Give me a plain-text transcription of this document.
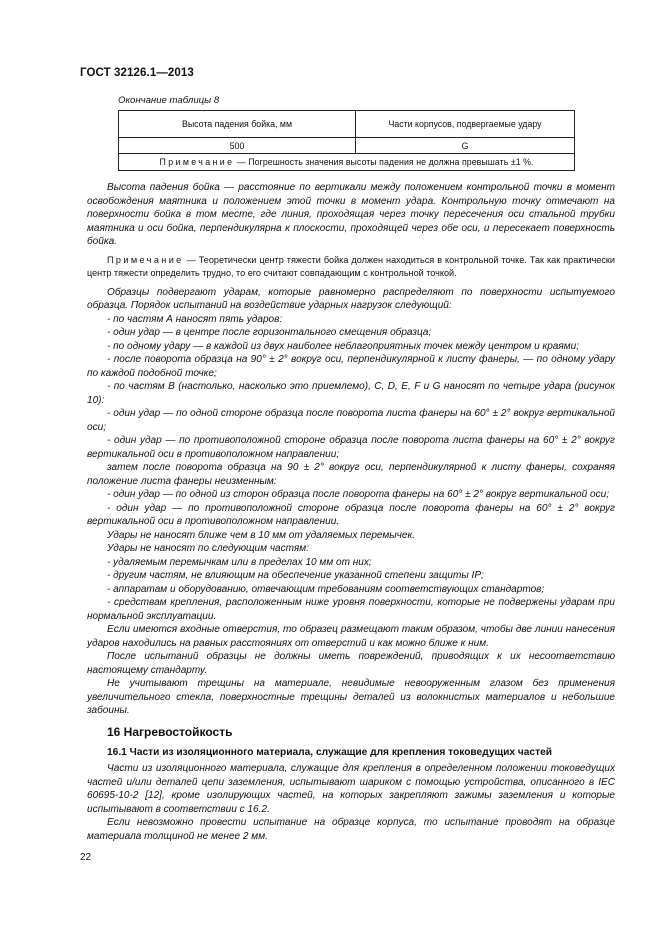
ГОСТ 32126.1—2013
Окончание таблицы 8
Высота падения бойка, мм	Части корпусов, подвергаемые удару
500	G
Примечание — Погрешность значения высоты падения не должна превышать ±1 %.	

Высота падения бойка — расстояние по вертикали между положением контрольной точки в момент освобождения маятника и положением этой точки в момент удара. Контрольную точку отмечают на поверхности бойка в том месте, где линия, проходящая через точку пересечения оси стальной трубки маятника и оси бойка, перпендикулярна к плоскости, проходящей через обе оси, и пересекает поверхность бойка.

Примечание — Теоретически центр тяжести бойка должен находиться в контрольной точке. Так как практически центр тяжести определить трудно, то его считают совпадающим с контрольной точкой.

Образцы подвергают ударам, которые равномерно распределяют по поверхности испытуемого образца. Порядок испытаний на воздействие ударных нагрузок следующий:

- по частям А наносят пять ударов:

- один удар — в центре после горизонтального смещения образца;

- по одному удару — в каждой из двух наиболее неблагоприятных точек между центром и краями;

- после поворота образца на 90° ± 2° вокруг оси, перпендикулярной к листу фанеры, — по одному удару по каждой подобной точке;

- по частям В (настолько, насколько это приемлемо), С, D, Е, F и G наносят по четыре удара (рисунок 10):

- один удар — по одной стороне образца после поворота листа фанеры на 60° ± 2° вокруг вертикальной оси;

- один удар — по противоположной стороне образца после поворота листа фанеры на 60° ± 2° вокруг вертикальной оси в противоположном направлении;

затем после поворота образца на 90 ± 2° вокруг оси, перпендикулярной к листу фанеры, сохраняя положение листа фанеры неизменным:

- один удар — по одной из сторон образца после поворота фанеры на 60° ± 2° вокруг вертикальной оси;

- один удар — по противоположной стороне образца после поворота фанеры на 60° ± 2° вокруг вертикальной оси в противоположном направлении.

Удары не наносят ближе чем в 10 мм от удаляемых перемычек.

Удары не наносят по следующим частям:

- удаляемым перемычкам или в пределах 10 мм от них;

- другим частям, не влияющим на обеспечение указанной степени защиты IP;

- аппаратам и оборудованию, отвечающим требованиям соответствующих стандартов;

- средствам крепления, расположенным ниже уровня поверхности, которые не подвержены ударам при нормальной эксплуатации.

Если имеются входные отверстия, то образец размещают таким образом, чтобы две линии нанесения ударов находились на равных расстояниях от отверстий и как можно ближе к ним.

После испытаний образцы не должны иметь повреждений, приводящих к их несоответствию настоящему стандарту.

Не учитывают трещины на материале, невидимые невооруженным глазом без применения увеличительного стекла, поверхностные трещины деталей из волокнистых материалов и небольшие забоины.

16 Нагревостойкость
16.1 Части из изоляционного материала, служащие для крепления токоведущих частей

Части из изоляционного материала, служащие для крепления в определенном положении токоведущих частей и/или деталей цепи заземления, испытывают шариком с помощью устройства, описанного в IEC 60695-10-2 [12], кроме изолирующих частей, на которых закрепляют зажимы заземления и которые испытывают в соответствии с 16.2.

Если невозможно провести испытание на образце корпуса, то испытание проводят на образце материала толщиной не менее 2 мм.

22
